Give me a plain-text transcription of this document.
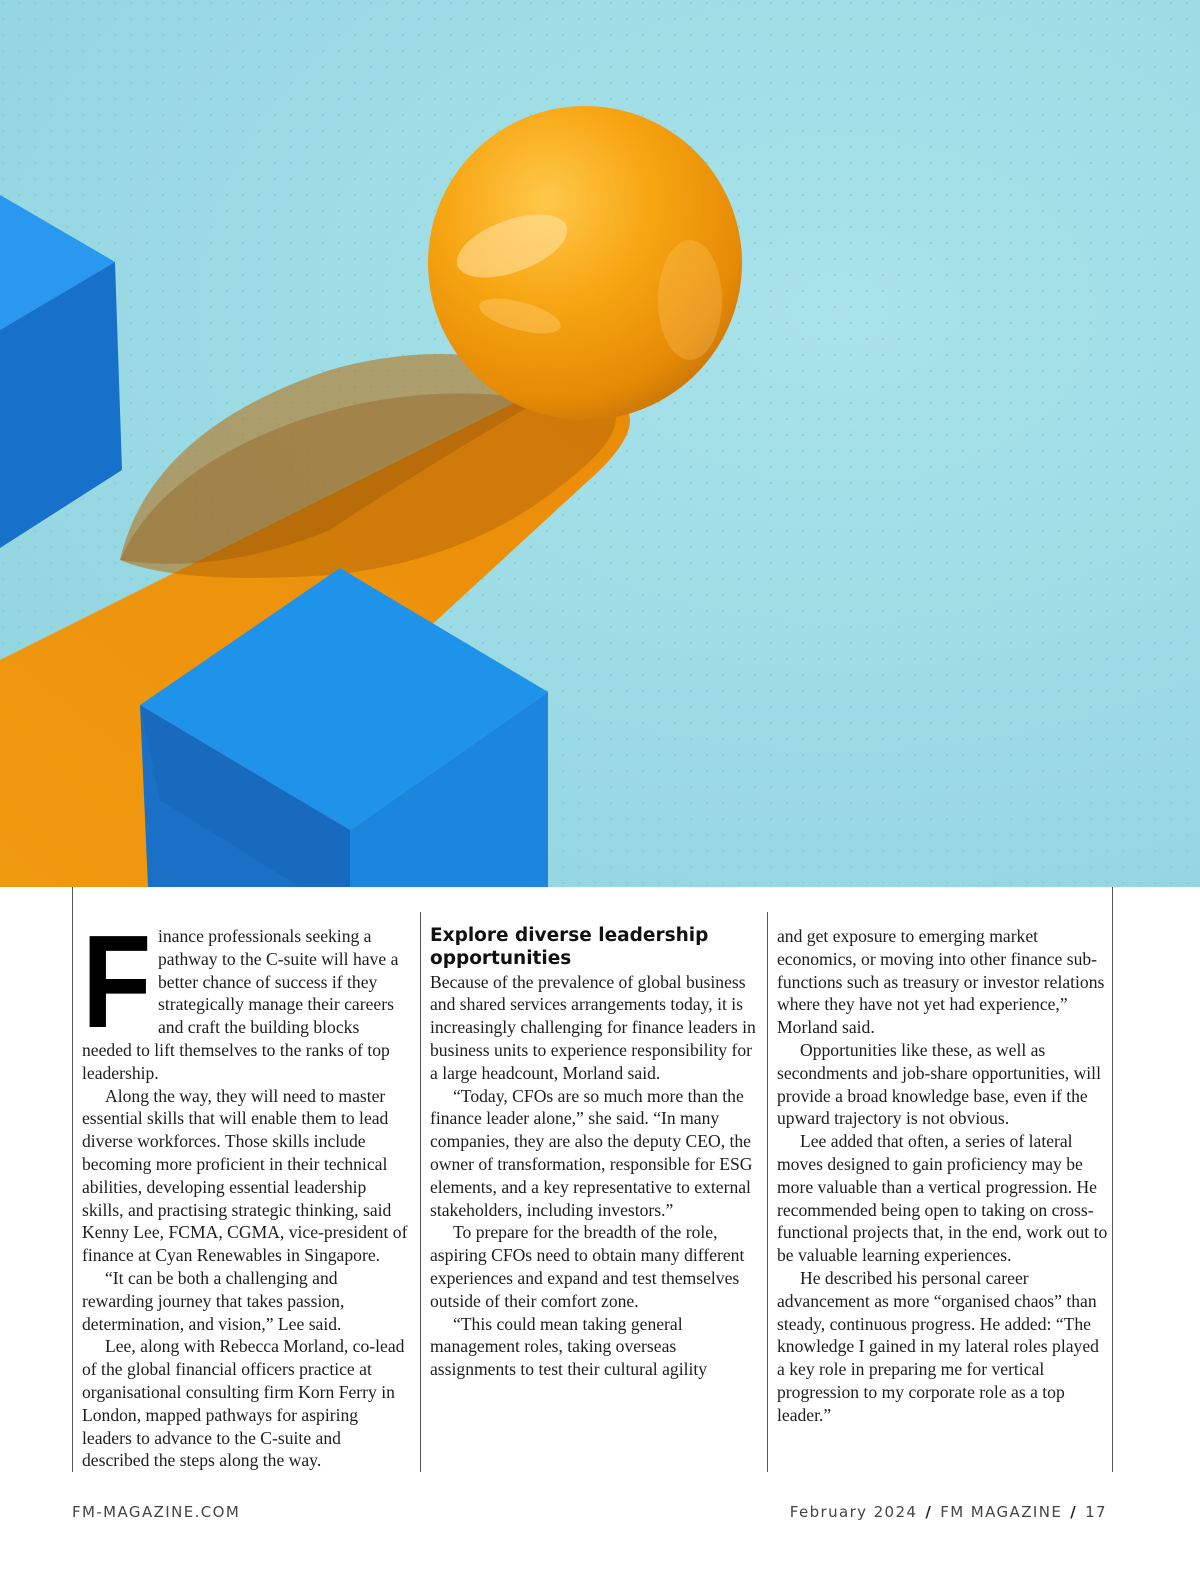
F inance professionals seeking a pathway to the C-suite will have a better chance of success if they strategically manage their careers and craft the building blocks needed to lift themselves to the ranks of top leadership.

Along the way, they will need to master essential skills that will enable them to lead diverse workforces. Those skills include becoming more proficient in their technical abilities, developing essential leadership skills, and practising strategic thinking, said Kenny Lee, FCMA, CGMA, vice-president of finance at Cyan Renewables in Singapore.

“It can be both a challenging and rewarding journey that takes passion, determination, and vision,” Lee said.

Lee, along with Rebecca Morland, co-lead of the global financial officers practice at organisational consulting firm Korn Ferry in London, mapped pathways for aspiring leaders to advance to the C-suite and described the steps along the way.

Explore diverse leadership opportunities

Because of the prevalence of global business and shared services arrangements today, it is increasingly challenging for finance leaders in business units to experience responsibility for a large headcount, Morland said.

“Today, CFOs are so much more than the finance leader alone,” she said. “In many companies, they are also the deputy CEO, the owner of transformation, responsible for ESG elements, and a key representative to external stakeholders, including investors.”

To prepare for the breadth of the role, aspiring CFOs need to obtain many different experiences and expand and test themselves outside of their comfort zone.

“This could mean taking general management roles, taking overseas assignments to test their cultural agility

and get exposure to emerging market economics, or moving into other finance sub-functions such as treasury or investor relations where they have not yet had experience,” Morland said.

Opportunities like these, as well as secondments and job-share opportunities, will provide a broad knowledge base, even if the upward trajectory is not obvious.

Lee added that often, a series of lateral moves designed to gain proficiency may be more valuable than a vertical progression. He recommended being open to taking on cross-functional projects that, in the end, work out to be valuable learning experiences.

He described his personal career advancement as more “organised chaos” than steady, continuous progress. He added: “The knowledge I gained in my lateral roles played a key role in preparing me for vertical progression to my corporate role as a top leader.”

FM-MAGAZINE.COM	February 2024 / FM MAGAZINE / 17
